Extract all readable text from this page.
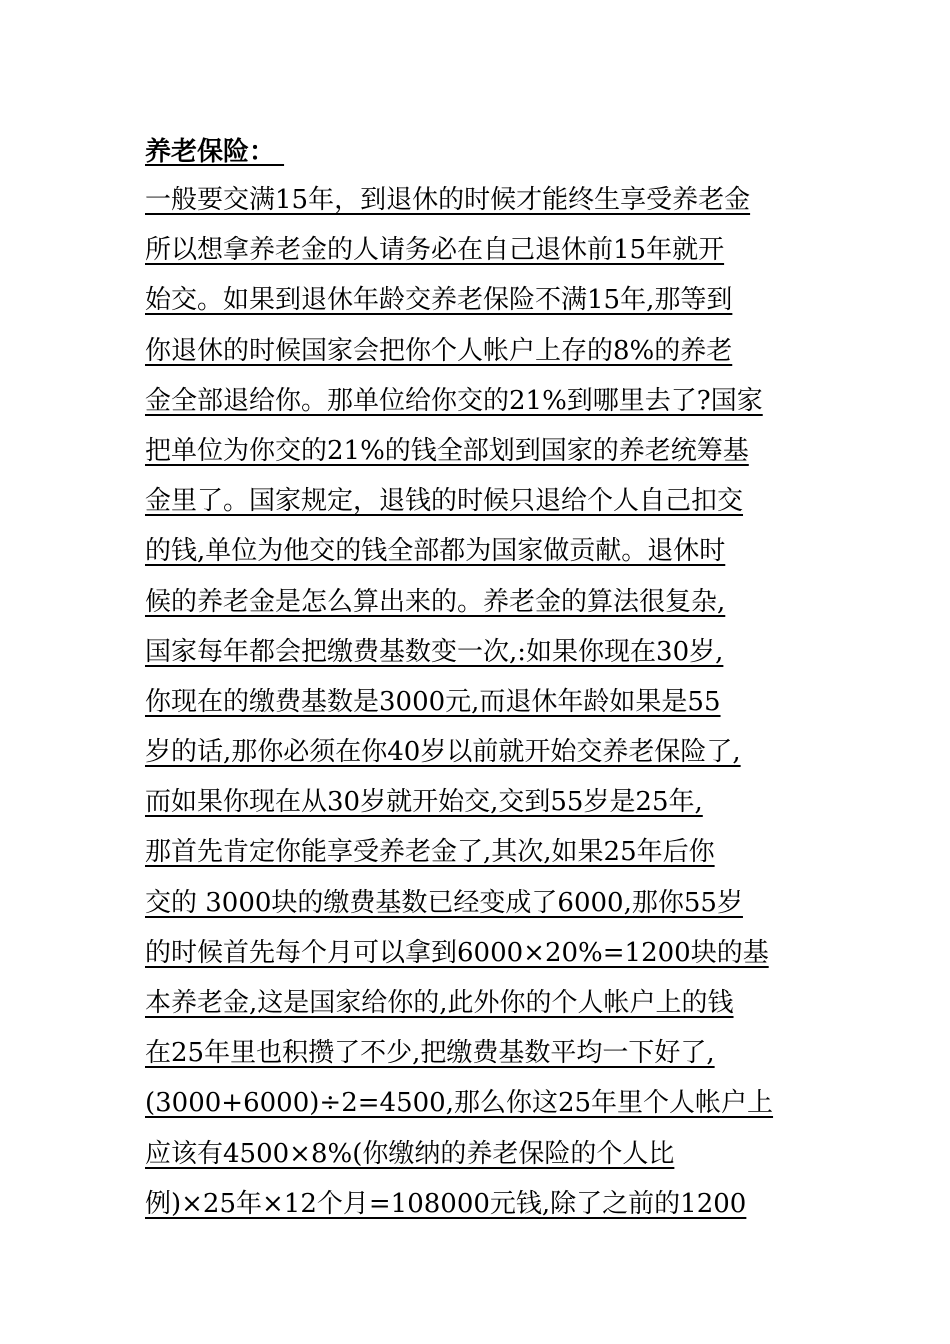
养老保险：
一般要交满15年，到退休的时候才能终生享受养老金
所以想拿养老金的人请务必在自己退休前15年就开
始交。如果到退休年龄交养老保险不满15年,那等到
你退休的时候国家会把你个人帐户上存的8%的养老
金全部退给你。那单位给你交的21%到哪里去了?国家
把单位为你交的21%的钱全部划到国家的养老统筹基
金里了。国家规定，退钱的时候只退给个人自己扣交
的钱,单位为他交的钱全部都为国家做贡献。退休时
候的养老金是怎么算出来的。养老金的算法很复杂,
国家每年都会把缴费基数变一次,:如果你现在30岁,
你现在的缴费基数是3000元,而退休年龄如果是55
岁的话,那你必须在你40岁以前就开始交养老保险了,
而如果你现在从30岁就开始交,交到55岁是25年,
那首先肯定你能享受养老金了,其次,如果25年后你
交的 3000块的缴费基数已经变成了6000,那你55岁
的时候首先每个月可以拿到6000×20%=1200块的基
本养老金,这是国家给你的,此外你的个人帐户上的钱
在25年里也积攒了不少,把缴费基数平均一下好了,
(3000+6000)÷2=4500,那么你这25年里个人帐户上
应该有4500×8%(你缴纳的养老保险的个人比
例)×25年×12个月=108000元钱,除了之前的1200
